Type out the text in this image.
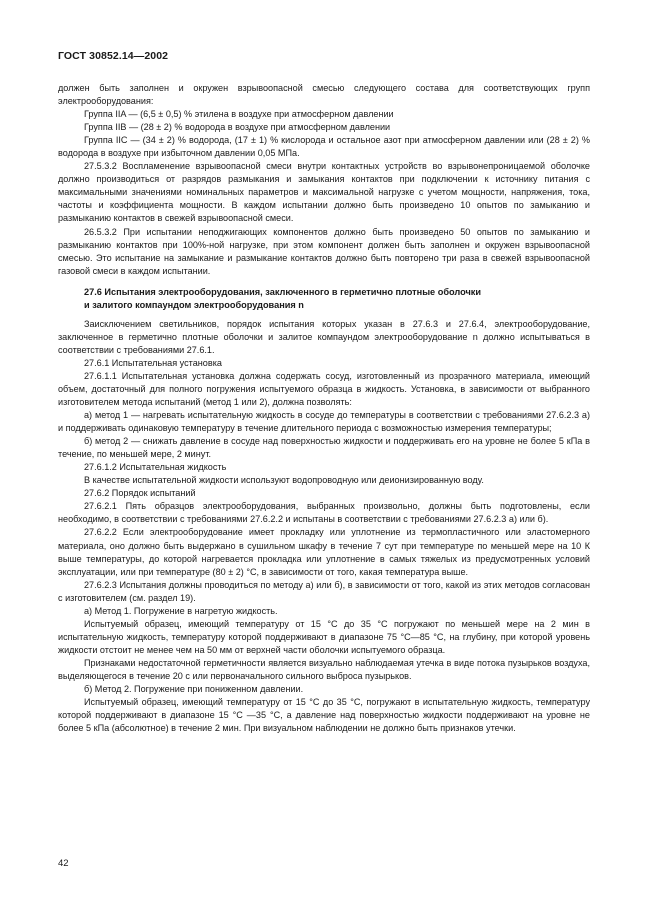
ГОСТ 30852.14—2002

должен быть заполнен и окружен взрывоопасной смесью следующего состава для соответствующих групп электрооборудования:

Группа IIA — (6,5 ± 0,5) % этилена в воздухе при атмосферном давлении

Группа IIB — (28 ± 2) % водорода в воздухе при атмосферном давлении

Группа IIC — (34 ± 2) % водорода, (17 ± 1) % кислорода и остальное азот при атмосферном давлении или (28 ± 2) % водорода в воздухе при избыточном давлении 0,05 МПа.

27.5.3.2 Воспламенение взрывоопасной смеси внутри контактных устройств во взрывонепроницаемой оболочке должно производиться от разрядов размыкания и замыкания контактов при подключении к источнику питания с максимальными значениями номинальных параметров и максимальной нагрузке с учетом мощности, напряжения, тока, частоты и коэффициента мощности. В каждом испытании должно быть произведено 10 опытов по замыканию и размыканию контактов в свежей взрывоопасной смеси.

26.5.3.2 При испытании неподжигающих компонентов должно быть произведено 50 опытов по замыканию и размыканию контактов при 100%-ной нагрузке, при этом компонент должен быть заполнен и окружен взрывоопасной смесью. Это испытание на замыкание и размыкание контактов должно быть повторено три раза в свежей взрывоопасной газовой смеси в каждом испытании.

27.6 Испытания электрооборудования, заключенного в герметично плотные оболочки
и залитого компаундом электрооборудования n

Заисключением светильников, порядок испытания которых указан в 27.6.3 и 27.6.4, электрооборудование, заключенное в герметично плотные оболочки и залитое компаундом электрооборудование n должно испытываться в соответствии с требованиями 27.6.1.

27.6.1 Испытательная установка

27.6.1.1 Испытательная установка должна содержать сосуд, изготовленный из прозрачного материала, имеющий объем, достаточный для полного погружения испытуемого образца в жидкость. Установка, в зависимости от выбранного изготовителем метода испытаний (метод 1 или 2), должна позволять:

а) метод 1 — нагревать испытательную жидкость в сосуде до температуры в соответствии с требованиями 27.6.2.3 а) и поддерживать одинаковую температуру в течение длительного периода с возможностью измерения температуры;

б) метод 2 — снижать давление в сосуде над поверхностью жидкости и поддерживать его на уровне не более 5 кПа в течение, по меньшей мере, 2 минут.

27.6.1.2 Испытательная жидкость

В качестве испытательной жидкости используют водопроводную или деионизированную воду.

27.6.2 Порядок испытаний

27.6.2.1 Пять образцов электрооборудования, выбранных произвольно, должны быть подготовлены, если необходимо, в соответствии с требованиями 27.6.2.2 и испытаны в соответствии с требованиями 27.6.2.3 а) или б).

27.6.2.2 Если электрооборудование имеет прокладку или уплотнение из термопластичного или эластомерного материала, оно должно быть выдержано в сушильном шкафу в течение 7 сут при температуре по меньшей мере на 10 К выше температуры, до которой нагревается прокладка или уплотнение в самых тяжелых из предусмотренных условий эксплуатации, или при температуре (80 ± 2) °С, в зависимости от того, какая температура выше.

27.6.2.3 Испытания должны проводиться по методу а) или б), в зависимости от того, какой из этих методов согласован с изготовителем (см. раздел 19).

а) Метод 1. Погружение в нагретую жидкость.

Испытуемый образец, имеющий температуру от 15 °С до 35 °С погружают по меньшей мере на 2 мин в испытательную жидкость, температуру которой поддерживают в диапазоне 75 °С—85 °С, на глубину, при которой уровень жидкости отстоит не менее чем на 50 мм от верхней части оболочки испытуемого образца.

Признаками недостаточной герметичности является визуально наблюдаемая утечка в виде потока пузырьков воздуха, выделяющегося в течение 20 с или первоначального сильного выброса пузырьков.

б) Метод 2. Погружение при пониженном давлении.

Испытуемый образец, имеющий температуру от 15 °С до 35 °С, погружают в испытательную жидкость, температуру которой поддерживают в диапазоне 15 °С —35 °С, а давление над поверхностью жидкости поддерживают на уровне не более 5 кПа (абсолютное) в течение 2 мин. При визуальном наблюдении не должно быть признаков утечки.

42
